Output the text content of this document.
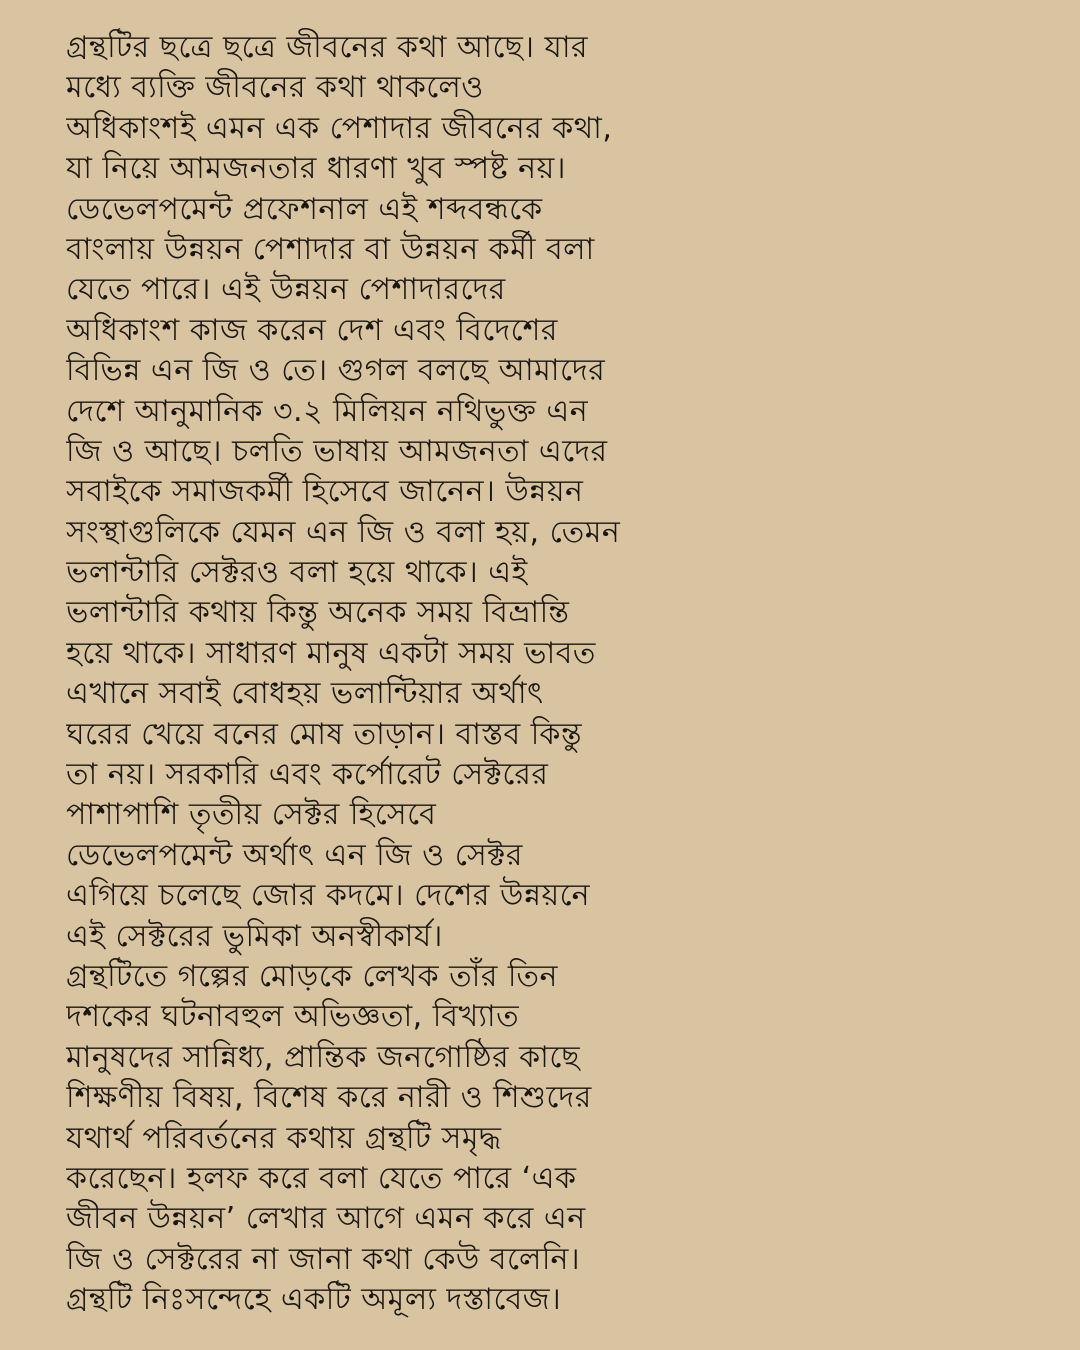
গ্রন্থটির ছত্রে ছত্রে জীবনের কথা আছে। যার
মধ্যে ব্যক্তি জীবনের কথা থাকলেও
অধিকাংশই এমন এক পেশাদার জীবনের কথা,
যা নিয়ে আমজনতার ধারণা খুব স্পষ্ট নয়।
ডেভেলপমেন্ট প্রফেশনাল এই শব্দবন্ধকে
বাংলায় উন্নয়ন পেশাদার বা উন্নয়ন কর্মী বলা
যেতে পারে। এই উন্নয়ন পেশাদারদের
অধিকাংশ কাজ করেন দেশ এবং বিদেশের
বিভিন্ন এন জি ও তে। গুগল বলছে আমাদের
দেশে আনুমানিক ৩.২ মিলিয়ন নথিভুক্ত এন
জি ও আছে। চলতি ভাষায় আমজনতা এদের
সবাইকে সমাজকর্মী হিসেবে জানেন। উন্নয়ন
সংস্থাগুলিকে যেমন এন জি ও বলা হয়, তেমন
ভলান্টারি সেক্টরও বলা হয়ে থাকে। এই
ভলান্টারি কথায় কিন্তু অনেক সময় বিভ্রান্তি
হয়ে থাকে। সাধারণ মানুষ একটা সময় ভাবত
এখানে সবাই বোধহয় ভলান্টিয়ার অর্থাৎ
ঘরের খেয়ে বনের মোষ তাড়ান। বাস্তব কিন্তু
তা নয়। সরকারি এবং কর্পোরেট সেক্টরের
পাশাপাশি তৃতীয় সেক্টর হিসেবে
ডেভেলপমেন্ট অর্থাৎ এন জি ও সেক্টর
এগিয়ে চলেছে জোর কদমে। দেশের উন্নয়নে
এই সেক্টরের ভুমিকা অনস্বীকার্য।
গ্রন্থটিতে গল্পের মোড়কে লেখক তাঁর তিন
দশকের ঘটনাবহুল অভিজ্ঞতা, বিখ্যাত
মানুষদের সান্নিধ্য, প্রান্তিক জনগোষ্ঠির কাছে
শিক্ষণীয় বিষয়, বিশেষ করে নারী ও শিশুদের
যথার্থ পরিবর্তনের কথায় গ্রন্থটি সমৃদ্ধ
করেছেন। হলফ করে বলা যেতে পারে ‘এক
জীবন উন্নয়ন’ লেখার আগে এমন করে এন
জি ও সেক্টরের না জানা কথা কেউ বলেনি।
গ্রন্থটি নিঃসন্দেহে একটি অমূল্য দস্তাবেজ।
